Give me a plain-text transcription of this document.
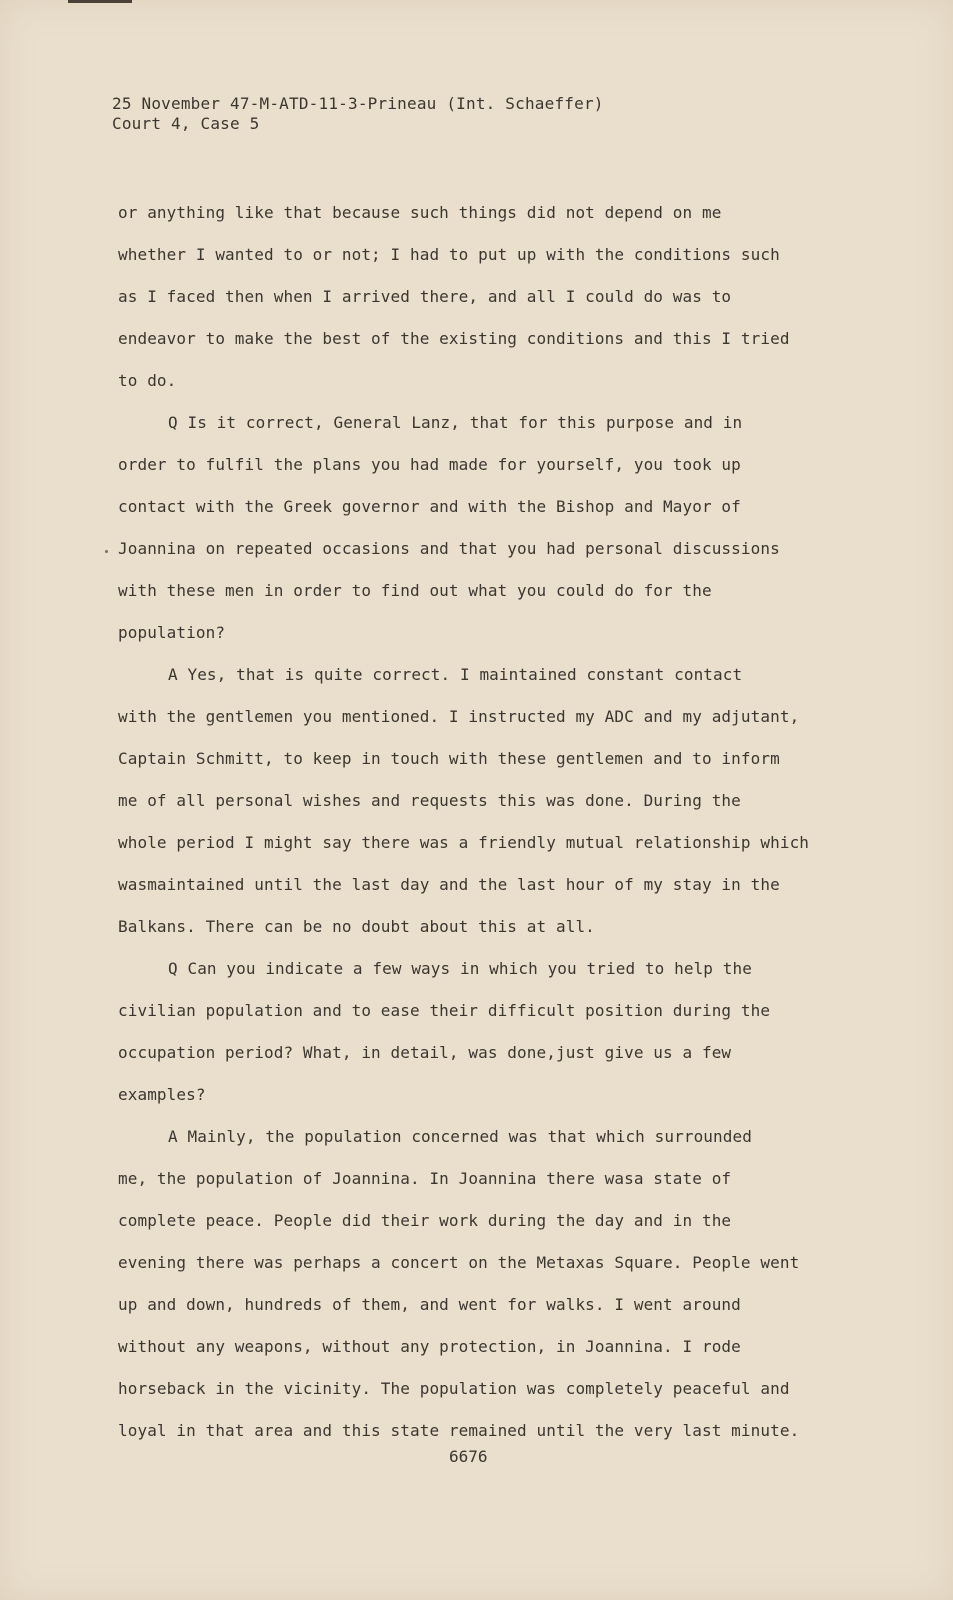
25 November 47-M-ATD-11-3-Prineau (Int. Schaeffer)
Court 4, Case 5
or anything like that because such things did not depend on me
whether I wanted to or not; I had to put up with the conditions such
as I faced then when I arrived there, and all I could do was to
endeavor to make the best of the existing conditions and this I tried
to do.
Q Is it correct, General Lanz, that for this purpose and in
order to fulfil the plans you had made for yourself, you took up
contact with the Greek governor and with the Bishop and Mayor of
Joannina on repeated occasions and that you had personal discussions
with these men in order to find out what you could do for the
population?
A Yes, that is quite correct. I maintained constant contact
with the gentlemen you mentioned. I instructed my ADC and my adjutant,
Captain Schmitt, to keep in touch with these gentlemen and to inform
me of all personal wishes and requests this was done. During the
whole period I might say there was a friendly mutual relationship which
wasmaintained until the last day and the last hour of my stay in the
Balkans. There can be no doubt about this at all.
Q Can you indicate a few ways in which you tried to help the
civilian population and to ease their difficult position during the
occupation period? What, in detail, was done,just give us a few
examples?
A Mainly, the population concerned was that which surrounded
me, the population of Joannina. In Joannina there wasa state of
complete peace. People did their work during the day and in the
evening there was perhaps a concert on the Metaxas Square. People went
up and down, hundreds of them, and went for walks. I went around
without any weapons, without any protection, in Joannina. I rode
horseback in the vicinity. The population was completely peaceful and
loyal in that area and this state remained until the very last minute.
6676
